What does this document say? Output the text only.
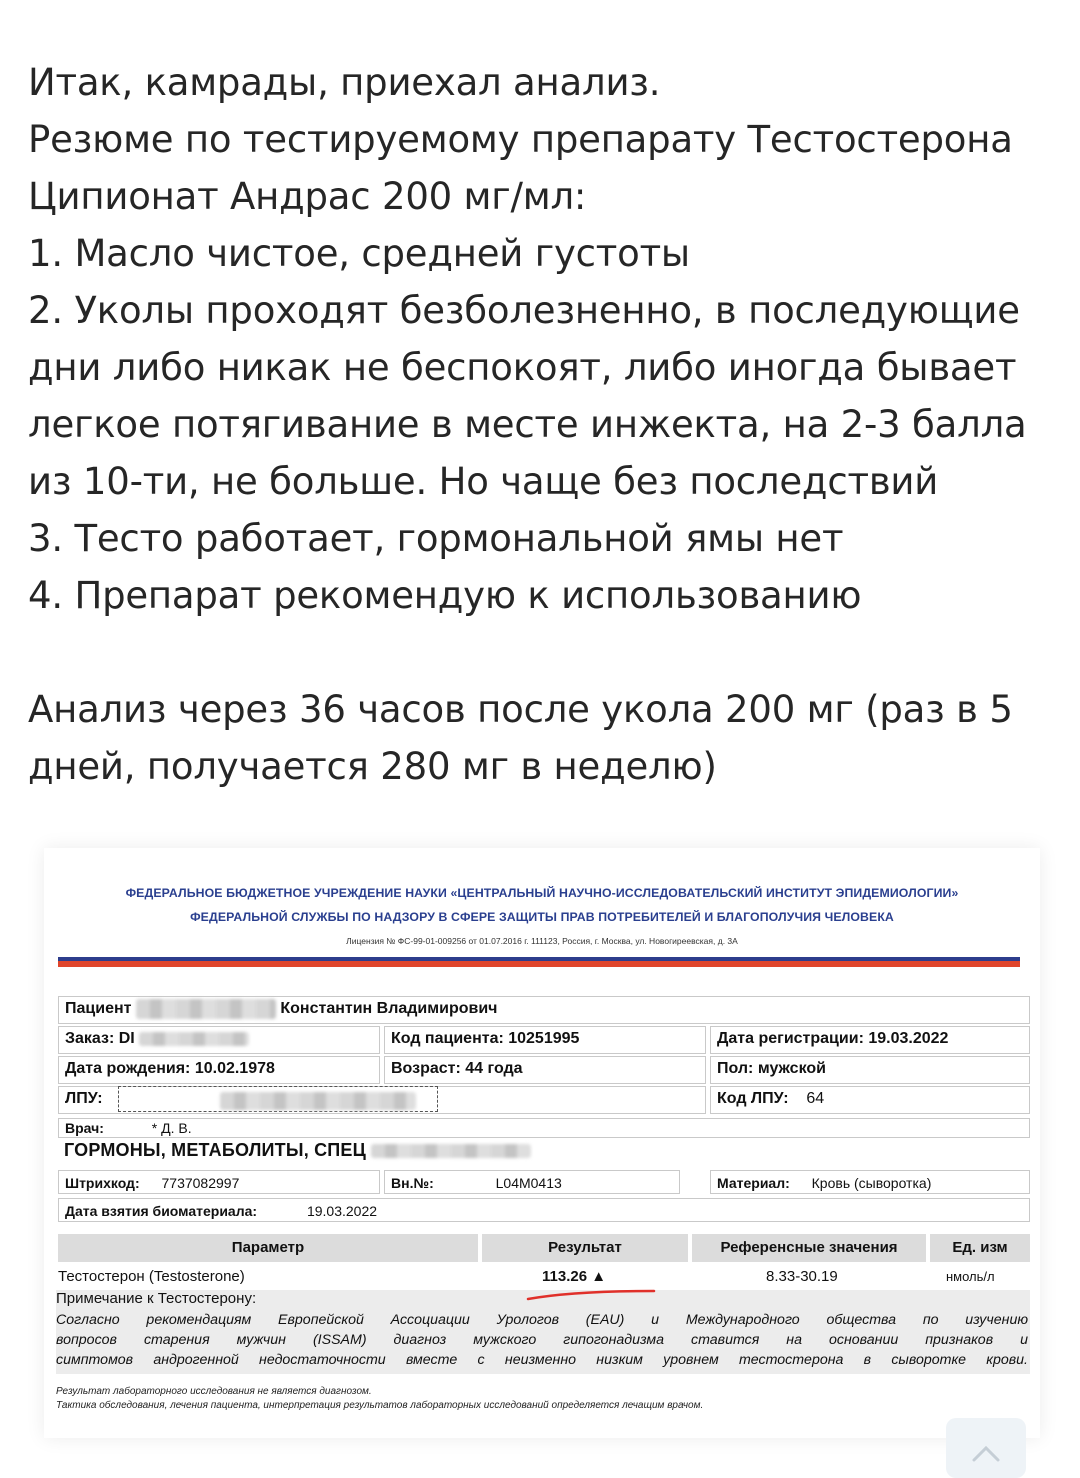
Итак, камрады, приехал анализ.

Резюме по тестируемому препарату Тестостерона

Ципионат Андрас 200 мг/мл:

1. Масло чистое, средней густоты

2. Уколы проходят безболезненно, в последующие

дни либо никак не беспокоят, либо иногда бывает

легкое потягивание в месте инжекта, на 2-3 балла

из 10-ти, не больше. Но чаще без последствий

3. Тесто работает, гормональной ямы нет

4. Препарат рекомендую к использованию

Анализ через 36 часов после укола 200 мг (раз в 5

дней, получается 280 мг в неделю)

ФЕДЕРАЛЬНОЕ БЮДЖЕТНОЕ УЧРЕЖДЕНИЕ НАУКИ «ЦЕНТРАЛЬНЫЙ НАУЧНО-ИССЛЕДОВАТЕЛЬСКИЙ ИНСТИТУТ ЭПИДЕМИОЛОГИИ»
ФЕДЕРАЛЬНОЙ СЛУЖБЫ ПО НАДЗОРУ В СФЕРЕ ЗАЩИТЫ ПРАВ ПОТРЕБИТЕЛЕЙ И БЛАГОПОЛУЧИЯ ЧЕЛОВЕКА
Лицензия № ФС-99-01-009256 от 01.07.2016 г. 111123, Россия, г. Москва, ул. Новогиреевская, д. 3А
Пациент	Константин Владимирович
Заказ: DI	Код пациента: 10251995	Дата регистрации: 19.03.2022
Дата рождения: 10.02.1978	Возраст: 44 года	Пол: мужской
ЛПУ:	Код ЛПУ: 64
Врач:	* Д. В.
ГОРМОНЫ, МЕТАБОЛИТЫ, СПЕЦ
Штрихкод: 7737082997	Вн.№:	L04M0413	Материал: Кровь (сыворотка)
Дата взятия биоматериала:	19.03.2022
Параметр	Результат	Референсные значения	Ед. изм
Тестостерон (Testosterone)	113.26 ▲	8.33-30.19	нмоль/л
Примечание к Тестостерону:
Согласно рекомендациям Европейской Ассоциации Урологов (EAU) и Международного общества по изучению
вопросов старения мужчин (ISSAM) диагноз мужского гипогонадизма ставится на основании признаков и
симптомов андрогенной недостаточности вместе с неизменно низким уровнем тестостерона в сыворотке крови.
Результат лабораторного исследования не является диагнозом.
Тактика обследования, лечения пациента, интерпретация результатов лабораторных исследований определяется лечащим врачом.
